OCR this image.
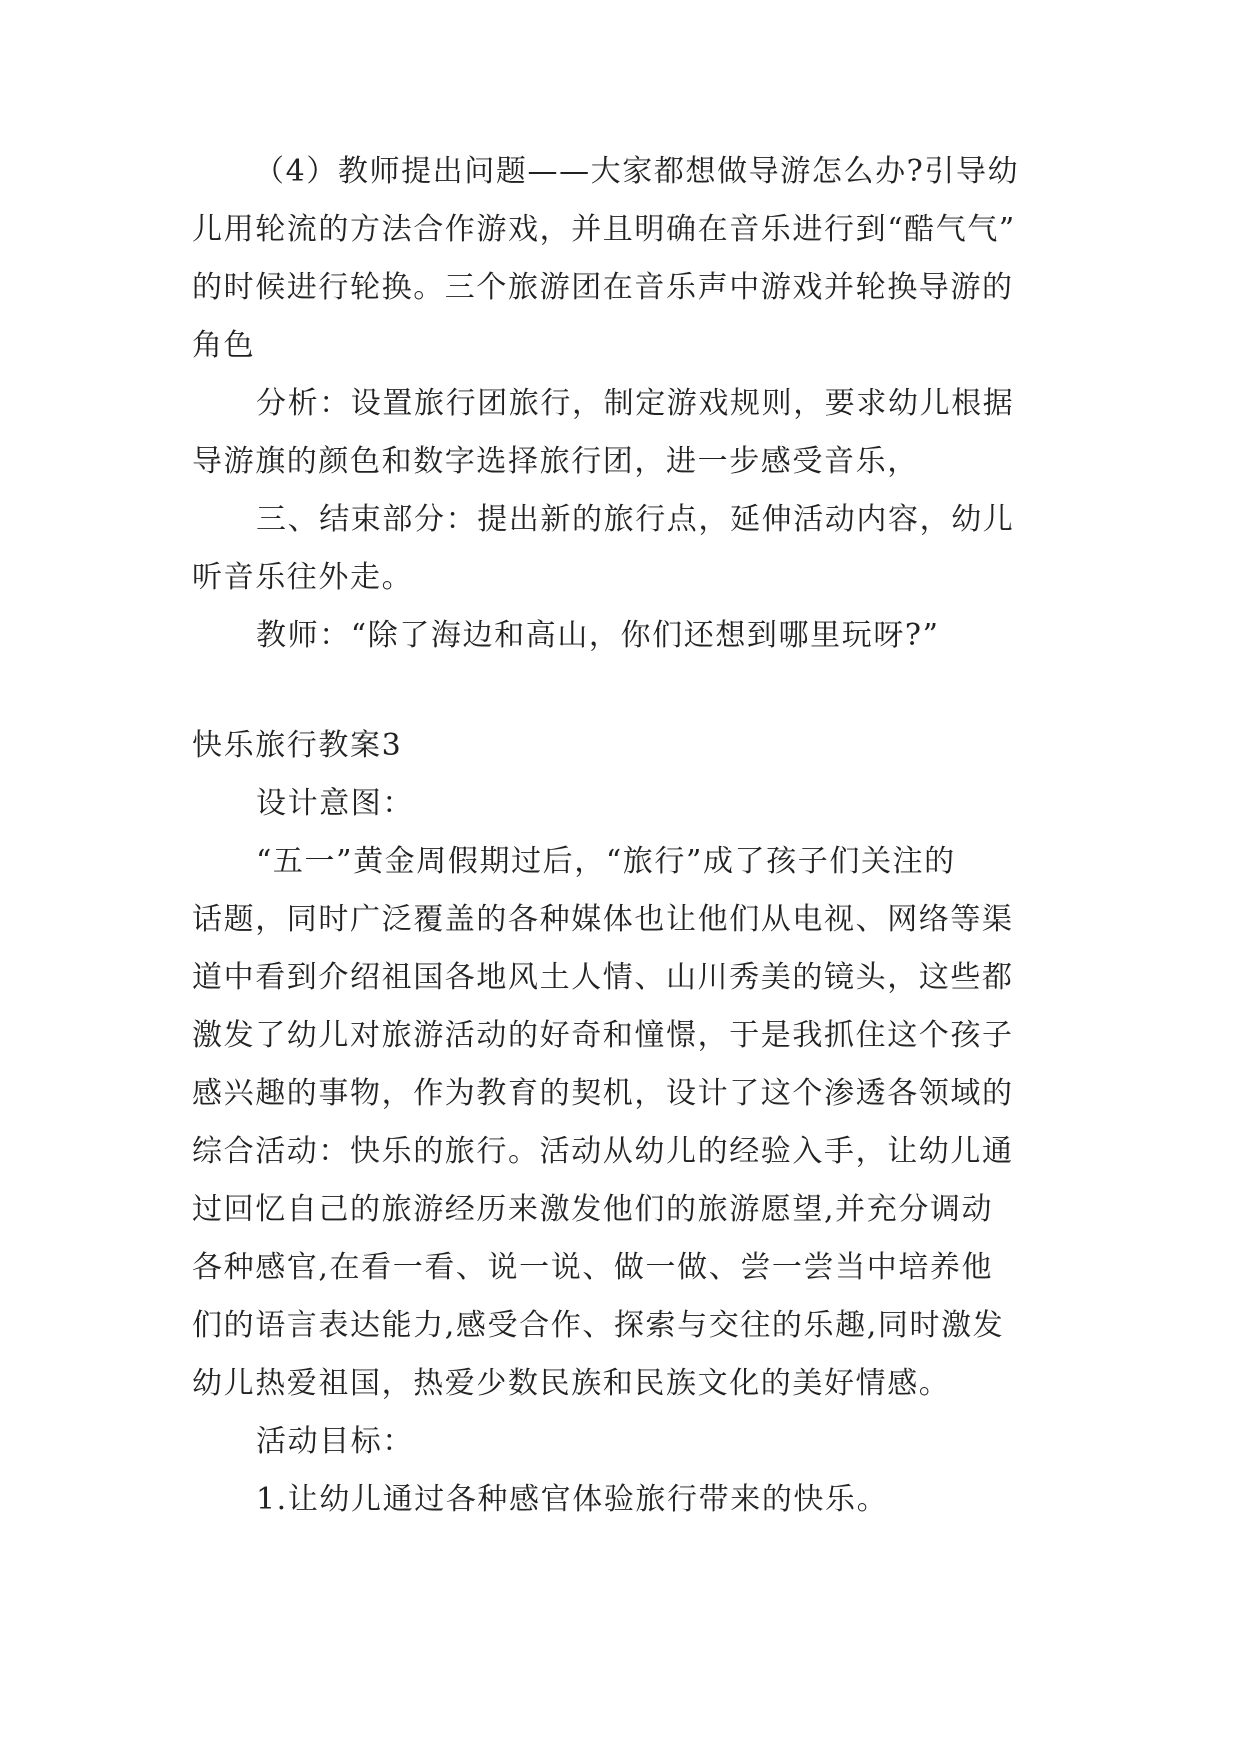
（4）教师提出问题——大家都想做导游怎么办?引导幼
儿用轮流的方法合作游戏，并且明确在音乐进行到“酷气气”
的时候进行轮换。三个旅游团在音乐声中游戏并轮换导游的
角色
分析：设置旅行团旅行，制定游戏规则，要求幼儿根据
导游旗的颜色和数字选择旅行团，进一步感受音乐，
三、结束部分：提出新的旅行点，延伸活动内容，幼儿
听音乐往外走。
教师：“除了海边和高山，你们还想到哪里玩呀?”
快乐旅行教案3
设计意图：
“五一”黄金周假期过后，“旅行”成了孩子们关注的
话题，同时广泛覆盖的各种媒体也让他们从电视、网络等渠
道中看到介绍祖国各地风土人情、山川秀美的镜头，这些都
激发了幼儿对旅游活动的好奇和憧憬，于是我抓住这个孩子
感兴趣的事物，作为教育的契机，设计了这个渗透各领域的
综合活动：快乐的旅行。活动从幼儿的经验入手，让幼儿通
过回忆自己的旅游经历来激发他们的旅游愿望,并充分调动
各种感官,在看一看、说一说、做一做、尝一尝当中培养他
们的语言表达能力,感受合作、探索与交往的乐趣,同时激发
幼儿热爱祖国，热爱少数民族和民族文化的美好情感。
活动目标：
1.让幼儿通过各种感官体验旅行带来的快乐。
